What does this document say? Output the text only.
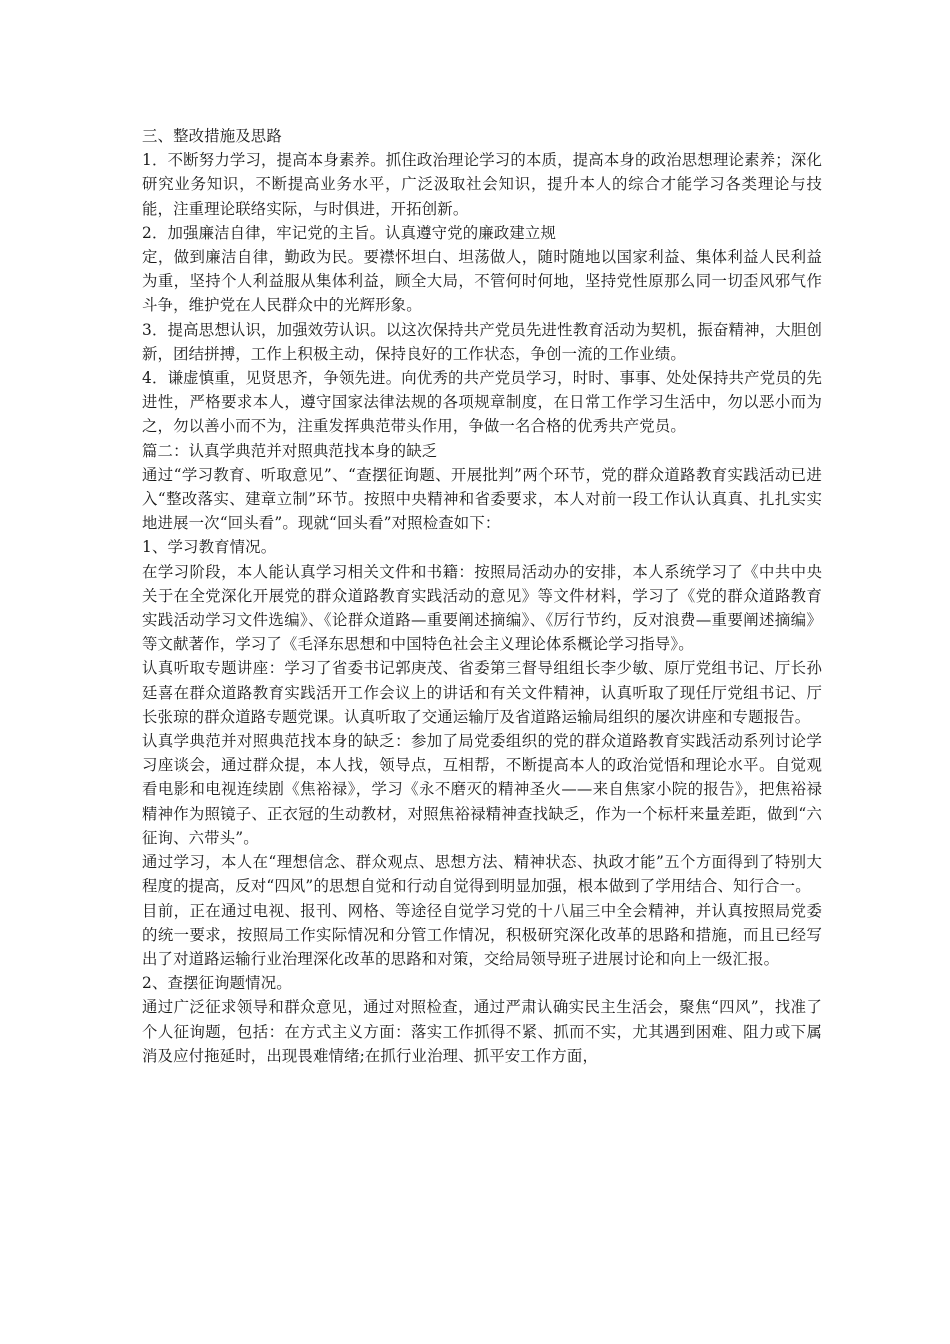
三、整改措施及思路

1．不断努力学习，提高本身素养。抓住政治理论学习的本质，提高本身的政治思想理论素养；深化研究业务知识，不断提高业务水平，广泛汲取社会知识，提升本人的综合才能学习各类理论与技能，注重理论联络实际，与时俱进，开拓创新。

2．加强廉洁自律，牢记党的主旨。认真遵守党的廉政建立规

定，做到廉洁自律，勤政为民。要襟怀坦白、坦荡做人，随时随地以国家利益、集体利益人民利益为重，坚持个人利益服从集体利益，顾全大局，不管何时何地，坚持党性原那么同一切歪风邪气作斗争，维护党在人民群众中的光辉形象。

3．提高思想认识，加强效劳认识。以这次保持共产党员先进性教育活动为契机，振奋精神，大胆创新，团结拼搏，工作上积极主动，保持良好的工作状态，争创一流的工作业绩。

4．谦虚慎重，见贤思齐，争领先进。向优秀的共产党员学习，时时、事事、处处保持共产党员的先进性，严格要求本人，遵守国家法律法规的各项规章制度，在日常工作学习生活中，勿以恶小而为之，勿以善小而不为，注重发挥典范带头作用，争做一名合格的优秀共产党员。

篇二：认真学典范并对照典范找本身的缺乏

通过“学习教育、听取意见”、“查摆征询题、开展批判”两个环节，党的群众道路教育实践活动已进入“整改落实、建章立制”环节。按照中央精神和省委要求，本人对前一段工作认认真真、扎扎实实地进展一次“回头看”。现就“回头看”对照检查如下：

1、学习教育情况。

在学习阶段，本人能认真学习相关文件和书籍：按照局活动办的安排，本人系统学习了《中共中央关于在全党深化开展党的群众道路教育实践活动的意见》等文件材料，学习了《党的群众道路教育实践活动学习文件选编》、《论群众道路—重要阐述摘编》、《厉行节约，反对浪费—重要阐述摘编》等文献著作，学习了《毛泽东思想和中国特色社会主义理论体系概论学习指导》。

认真听取专题讲座：学习了省委书记郭庚茂、省委第三督导组组长李少敏、原厅党组书记、厅长孙廷喜在群众道路教育实践活开工作会议上的讲话和有关文件精神，认真听取了现任厅党组书记、厅长张琼的群众道路专题党课。认真听取了交通运输厅及省道路运输局组织的屡次讲座和专题报告。

认真学典范并对照典范找本身的缺乏：参加了局党委组织的党的群众道路教育实践活动系列讨论学习座谈会，通过群众提，本人找，领导点，互相帮，不断提高本人的政治觉悟和理论水平。自觉观看电影和电视连续剧《焦裕禄》，学习《永不磨灭的精神圣火——来自焦家小院的报告》，把焦裕禄精神作为照镜子、正衣冠的生动教材，对照焦裕禄精神查找缺乏，作为一个标杆来量差距，做到“六征询、六带头”。

通过学习，本人在“理想信念、群众观点、思想方法、精神状态、执政才能”五个方面得到了特别大程度的提高，反对“四风”的思想自觉和行动自觉得到明显加强，根本做到了学用结合、知行合一。

目前，正在通过电视、报刊、网格、等途径自觉学习党的十八届三中全会精神，并认真按照局党委的统一要求，按照局工作实际情况和分管工作情况，积极研究深化改革的思路和措施，而且已经写出了对道路运输行业治理深化改革的思路和对策，交给局领导班子进展讨论和向上一级汇报。

2、查摆征询题情况。

通过广泛征求领导和群众意见，通过对照检查，通过严肃认确实民主生活会，聚焦“四风”，找准了个人征询题，包括：在方式主义方面：落实工作抓得不紧、抓而不实，尤其遇到困难、阻力或下属消及应付拖延时，出现畏难情绪;在抓行业治理、抓平安工作方面，
